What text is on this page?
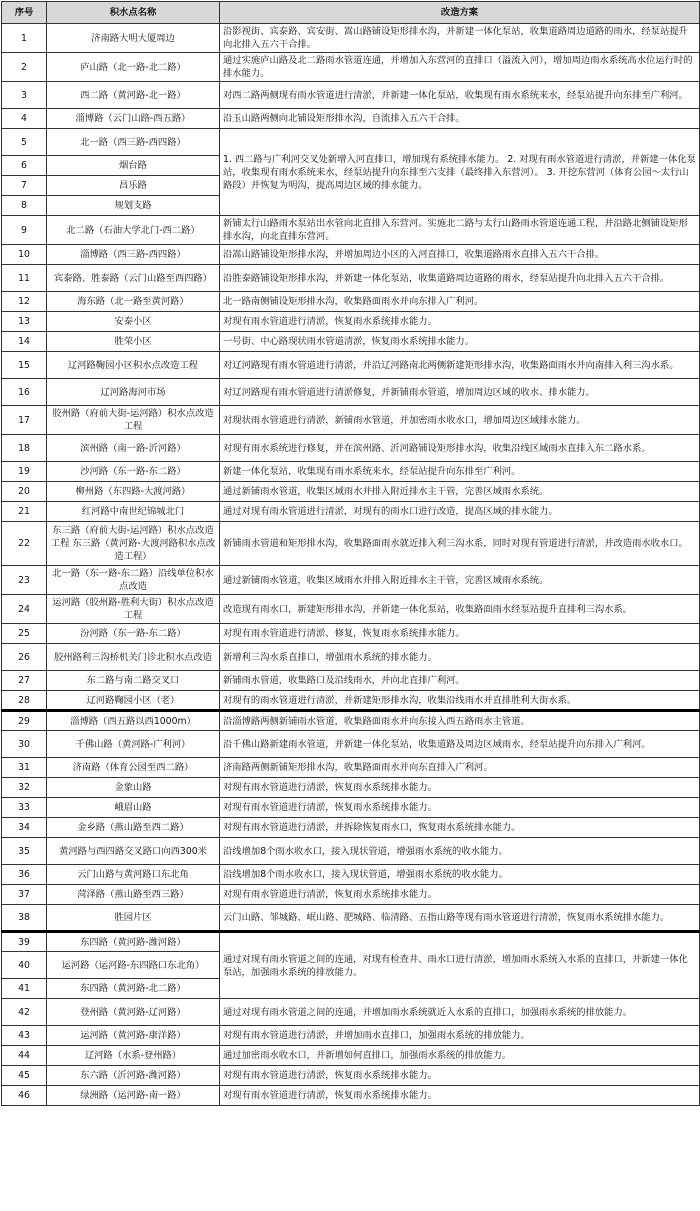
序号	积水点名称	改造方案
1	济南路大明大厦周边	沿影视街、宾泰路、宾安街、嵩山路铺设矩形排水沟，并新建一体化泵站，收集道路周边道路的雨水，经泵站提升向北排入五六干合排。
2	庐山路（北一路-北二路）	通过实施庐山路及北二路雨水管道连通，并增加入东营河的直排口（溢流入河），增加周边雨水系统高水位运行时的排水能力。
3	西二路（黄河路-北一路）	对西二路两侧现有雨水管道进行清淤，并新建一体化泵站，收集现有雨水系统来水，经泵站提升向东排至广利河。
4	淄博路（云门山路-西五路）	沿玉山路两侧向北铺设矩形排水沟，自流排入五六干合排。
5	北一路（西三路-西四路）	1. 西二路与广利河交叉处新增入河直排口，增加现有系统排水能力。 2. 对现有雨水管道进行清淤，并新建一体化泵站，收集现有雨水系统来水，经泵站提升向东排至六支排（最终排入东营河）。 3. 开挖东营河（体育公园～太行山路段）并恢复为明沟，提高周边区域的排水能力。
6	烟台路	
7	昌乐路	
8	规划支路	
9	北二路（石油大学北门-西二路）	新铺太行山路雨水泵站出水管向北直排入东营河。实施北二路与太行山路雨水管道连通工程，并沿路北侧铺设矩形排水沟，向北直排东营河。
10	淄博路（西三路-西四路）	沿嵩山路铺设矩形排水沟，并增加周边小区的入河直排口，收集道路雨水直排入五六干合排。
11	宾泰路、胜泰路（云门山路至西四路）	沿胜泰路铺设矩形排水沟，并新建一体化泵站，收集道路周边道路的雨水，经泵站提升向北排入五六干合排。
12	海东路（北一路至黄河路）	北一路南侧铺设矩形排水沟，收集路面雨水并向东排入广利河。
13	安泰小区	对现有雨水管道进行清淤，恢复雨水系统排水能力。
14	胜荣小区	一号街、中心路现状雨水管道清淤，恢复雨水系统排水能力。
15	辽河路鞠园小区积水点改造工程	对辽河路现有雨水管道进行清淤，并沿辽河路南北两侧新建矩形排水沟，收集路面雨水并向南排入利三沟水系。
16	辽河路海河市场	对辽河路现有雨水管道进行清淤修复，并新铺雨水管道，增加周边区域的收水、排水能力。
17	胶州路（府前大街-运河路）积水点改造工程	对现状雨水管道进行清淤，新铺雨水管道，并加密雨水收水口，增加周边区域排水能力。
18	滨州路（南一路-沂河路）	对现有雨水系统进行修复，并在滨州路、沂河路铺设矩形排水沟，收集沿线区域雨水直排入东二路水系。
19	沙河路（东一路-东二路）	新建一体化泵站，收集现有雨水系统来水，经泵站提升向东排至广利河。
20	柳州路（东四路-大渡河路）	通过新铺雨水管道，收集区域雨水并排入附近排水主干管，完善区域雨水系统。
21	红河路中南世纪锦城北门	通过对现有雨水管道进行清淤，对现有的雨水口进行改造，提高区域的排水能力。
22	东三路（府前大街-运河路）积水点改造工程 东三路（黄河路-大渡河路积水点改造工程）	新铺雨水管道和矩形排水沟，收集路面雨水就近排入利三沟水系，同时对现有管道进行清淤，并改造雨水收水口。
23	北一路（东一路-东二路）沿线单位积水点改造	通过新铺雨水管道，收集区域雨水并排入附近排水主干管，完善区域雨水系统。
24	运河路（胶州路-胜利大街）积水点改造工程	改造现有雨水口，新建矩形排水沟，并新建一体化泵站，收集路面雨水经泵站提升直排利三沟水系。
25	汾河路（东一路-东二路）	对现有雨水管道进行清淤、修复，恢复雨水系统排水能力。
26	胶州路利三沟桥机关门诊北积水点改造	新增利三沟水系直排口，增强雨水系统的排水能力。
27	东二路与南二路交叉口	新铺雨水管道，收集路口及沿线雨水，并向北直排广利河。
28	辽河路鞠园小区（老）	对现有的雨水管道进行清淤，并新建矩形排水沟，收集沿线雨水并直排胜利大街水系。
29	淄博路（西五路以西1000m）	沿淄博路两侧新铺雨水管道，收集路面雨水并向东接入西五路雨水主管道。
30	千佛山路（黄河路-广利河）	沿千佛山路新建雨水管道，并新建一体化泵站，收集道路及周边区域雨水，经泵站提升向东排入广利河。
31	济南路（体育公园至西二路）	济南路两侧新铺矩形排水沟，收集路面雨水并向东直排入广利河。
32	金象山路	对现有雨水管道进行清淤，恢复雨水系统排水能力。
33	峨眉山路	对现有雨水管道进行清淤，恢复雨水系统排水能力。
34	金乡路（燕山路至西二路）	对现有雨水管道进行清淤，并拆除恢复雨水口，恢复雨水系统排水能力。
35	黄河路与西四路交叉路口向西300米	沿线增加8个雨水收水口，接入现状管道，增强雨水系统的收水能力。
36	云门山路与黄河路口东北角	沿线增加8个雨水收水口，接入现状管道，增强雨水系统的收水能力。
37	菏泽路（燕山路至西三路）	对现有雨水管道进行清淤，恢复雨水系统排水能力。
38	胜园片区	云门山路、邹城路、岷山路、肥城路、临清路、五指山路等现有雨水管道进行清淤，恢复雨水系统排水能力。
39	东四路（黄河路-潍河路）	通过对现有雨水管道之间的连通，对现有检查井、雨水口进行清淤，增加雨水系统入水系的直排口，并新建一体化泵站，加强雨水系统的排放能力。
40	运河路（运河路-东四路口东北角）	
41	东四路（黄河路-北二路）	
42	登州路（黄河路-辽河路）	通过对现有雨水管道之间的连通，并增加雨水系统就近入水系的直排口，加强雨水系统的排放能力。
43	运河路（黄河路-康洋路）	对现有雨水管道进行清淤，并增加雨水直排口，加强雨水系统的排放能力。
44	辽河路（水系-登州路）	通过加密雨水收水口，并新增如何直排口，加强雨水系统的排放能力。
45	东六路（沂河路-潍河路）	对现有雨水管道进行清淤，恢复雨水系统排水能力。
46	绿洲路（运河路-南一路）	对现有雨水管道进行清淤，恢复雨水系统排水能力。
